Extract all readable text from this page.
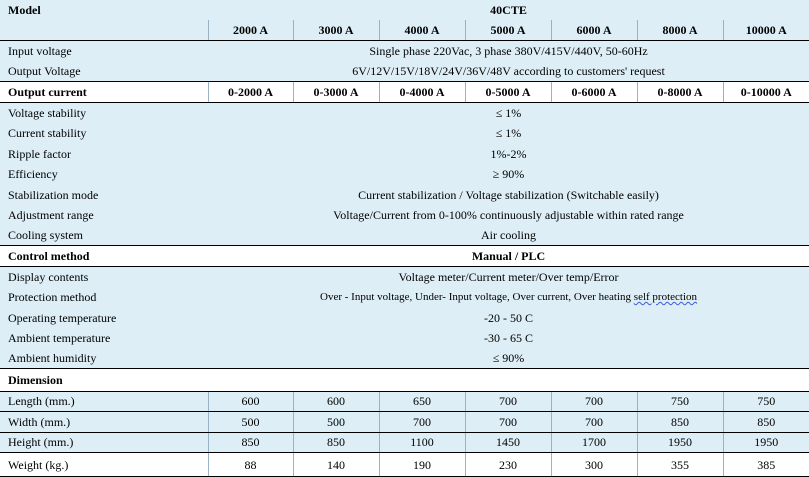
Model	40CTE						
	2000 A	3000 A	4000 A	5000 A	6000 A	8000 A	10000 A
Input voltage	Single phase 220Vac, 3 phase 380V/415V/440V, 50-60Hz						
Output Voltage	6V/12V/15V/18V/24V/36V/48V according to customers' request						
Output current	0-2000 A	0-3000 A	0-4000 A	0-5000 A	0-6000 A	0-8000 A	0-10000 A
Voltage stability	≤ 1%						
Current stability	≤ 1%						
Ripple factor	1%-2%						
Efficiency	≥ 90%						
Stabilization mode	Current stabilization / Voltage stabilization (Switchable easily)						
Adjustment range	Voltage/Current from 0-100% continuously adjustable within rated range						
Cooling system	Air cooling						
Control method	Manual / PLC						
Display contents	Voltage meter/Current meter/Over temp/Error						
Protection method	Over - Input voltage, Under- Input voltage, Over current, Over heating self protection						
Operating temperature	-20 - 50 C						
Ambient temperature	-30 - 65 C						
Ambient humidity	≤ 90%						
Dimension							
Length (mm.)	600	600	650	700	700	750	750
Width (mm.)	500	500	700	700	700	850	850
Height (mm.)	850	850	1100	1450	1700	1950	1950
Weight (kg.)	88	140	190	230	300	355	385
